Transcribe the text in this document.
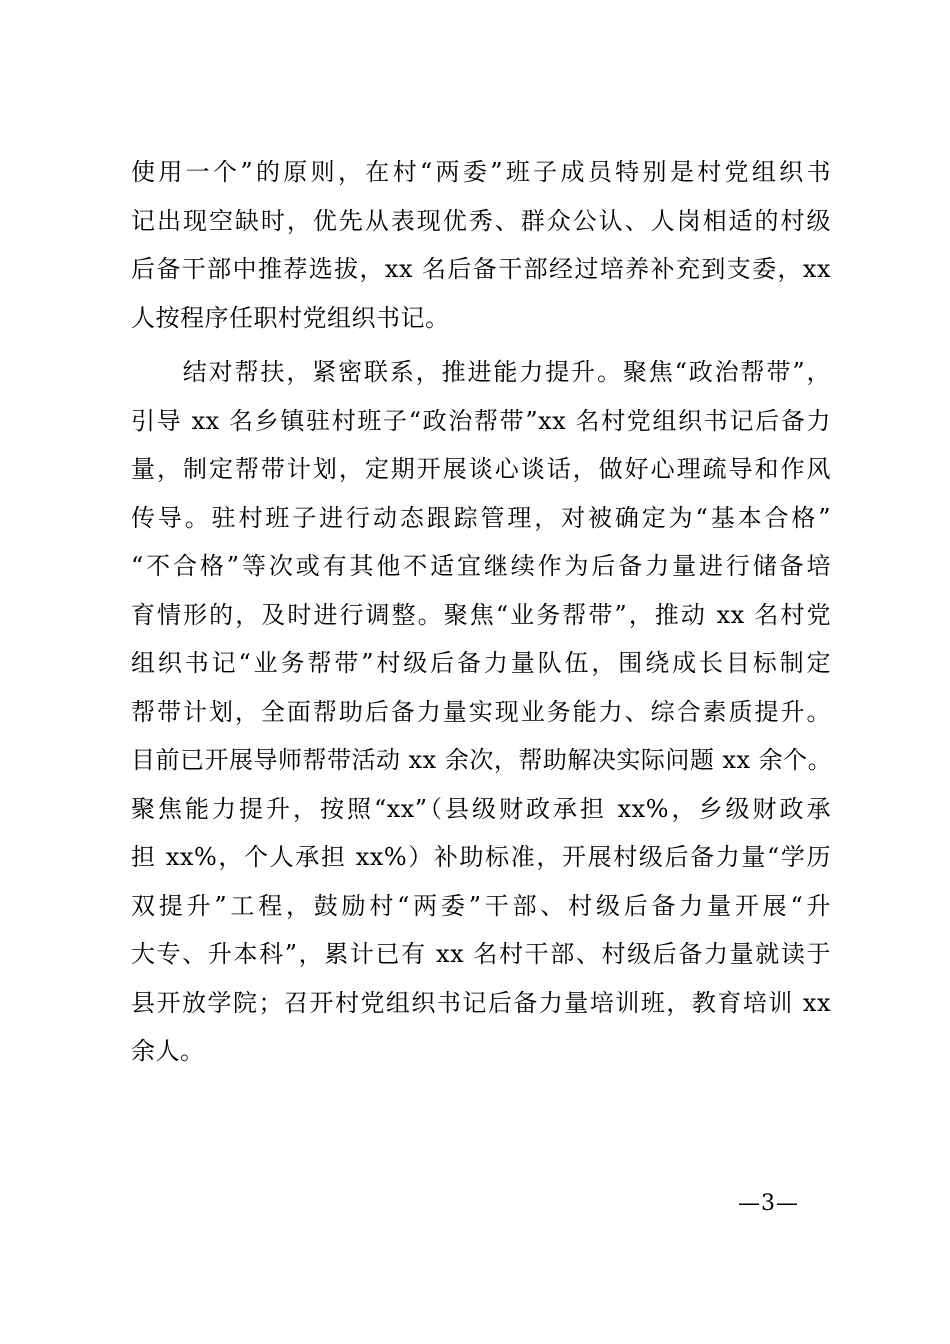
使用一个”的原则，在村“两委”班子成员特别是村党组织书
记出现空缺时，优先从表现优秀、群众公认、人岗相适的村级
后备干部中推荐选拔，xx 名后备干部经过培养补充到支委，xx
人按程序任职村党组织书记。
　　结对帮扶，紧密联系，推进能力提升。聚焦“政治帮带”，
引导 xx 名乡镇驻村班子“政治帮带”xx 名村党组织书记后备力
量，制定帮带计划，定期开展谈心谈话，做好心理疏导和作风
传导。驻村班子进行动态跟踪管理，对被确定为“基本合格”
“不合格”等次或有其他不适宜继续作为后备力量进行储备培
育情形的，及时进行调整。聚焦“业务帮带”，推动 xx 名村党
组织书记“业务帮带”村级后备力量队伍，围绕成长目标制定
帮带计划，全面帮助后备力量实现业务能力、综合素质提升。
目前已开展导师帮带活动 xx 余次，帮助解决实际问题 xx 余个。
聚焦能力提升，按照“xx”（县级财政承担 xx%，乡级财政承
担 xx%，个人承担 xx%）补助标准，开展村级后备力量“学历
双提升”工程，鼓励村“两委”干部、村级后备力量开展“升
大专、升本科”，累计已有 xx 名村干部、村级后备力量就读于
县开放学院；召开村党组织书记后备力量培训班，教育培训 xx
余人。
—3—
